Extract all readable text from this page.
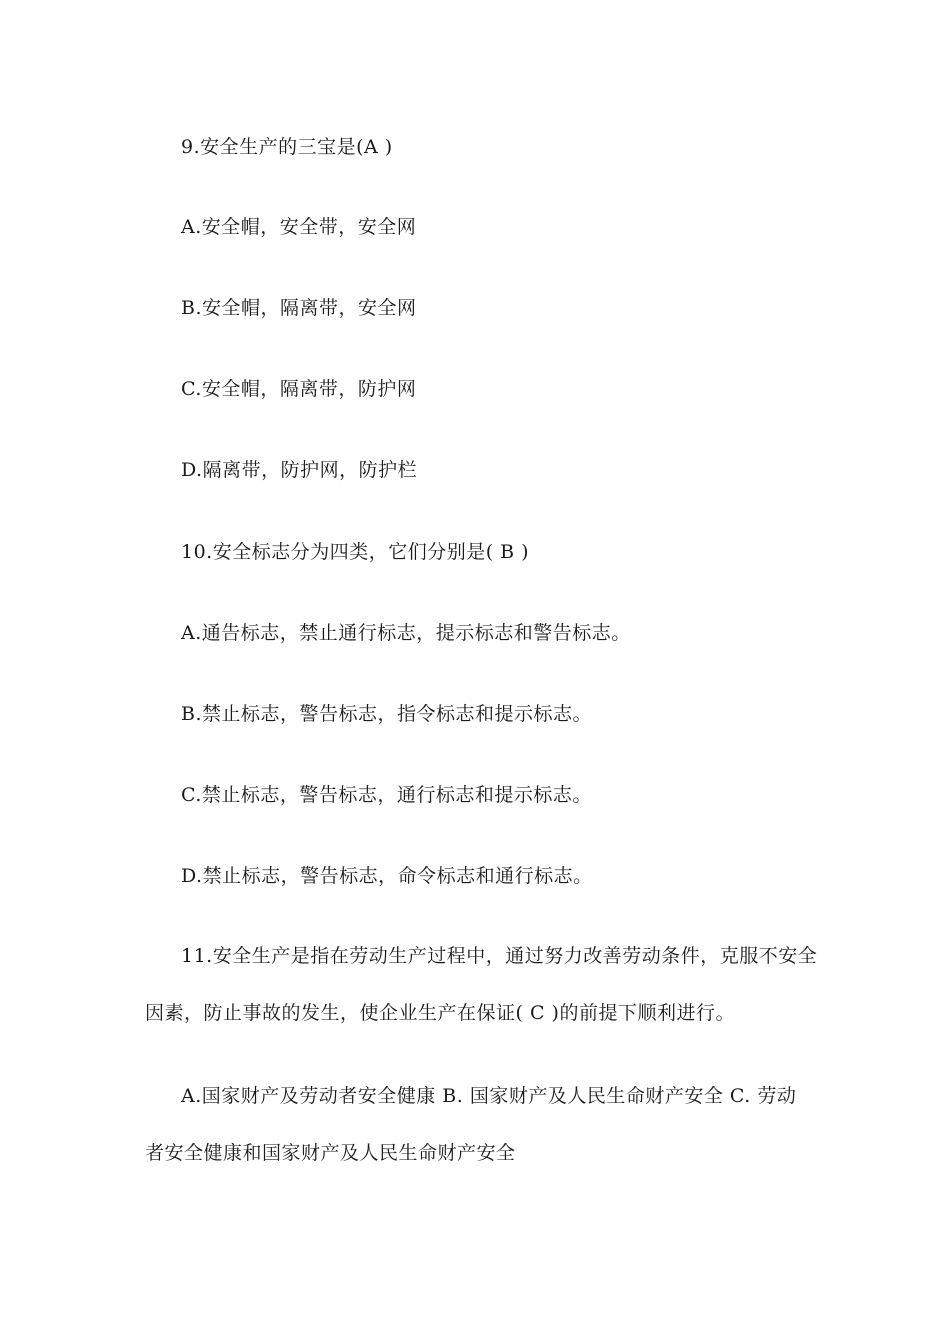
9.安全生产的三宝是(A )
A.安全帽，安全带，安全网
B.安全帽，隔离带，安全网
C.安全帽，隔离带，防护网
D.隔离带，防护网，防护栏
10.安全标志分为四类，它们分别是( B )
A.通告标志，禁止通行标志，提示标志和警告标志。
B.禁止标志，警告标志，指令标志和提示标志。
C.禁止标志，警告标志，通行标志和提示标志。
D.禁止标志，警告标志，命令标志和通行标志。
11.安全生产是指在劳动生产过程中，通过努力改善劳动条件，克服不安全
因素，防止事故的发生，使企业生产在保证( C )的前提下顺利进行。
A.国家财产及劳动者安全健康 B. 国家财产及人民生命财产安全 C. 劳动
者安全健康和国家财产及人民生命财产安全
